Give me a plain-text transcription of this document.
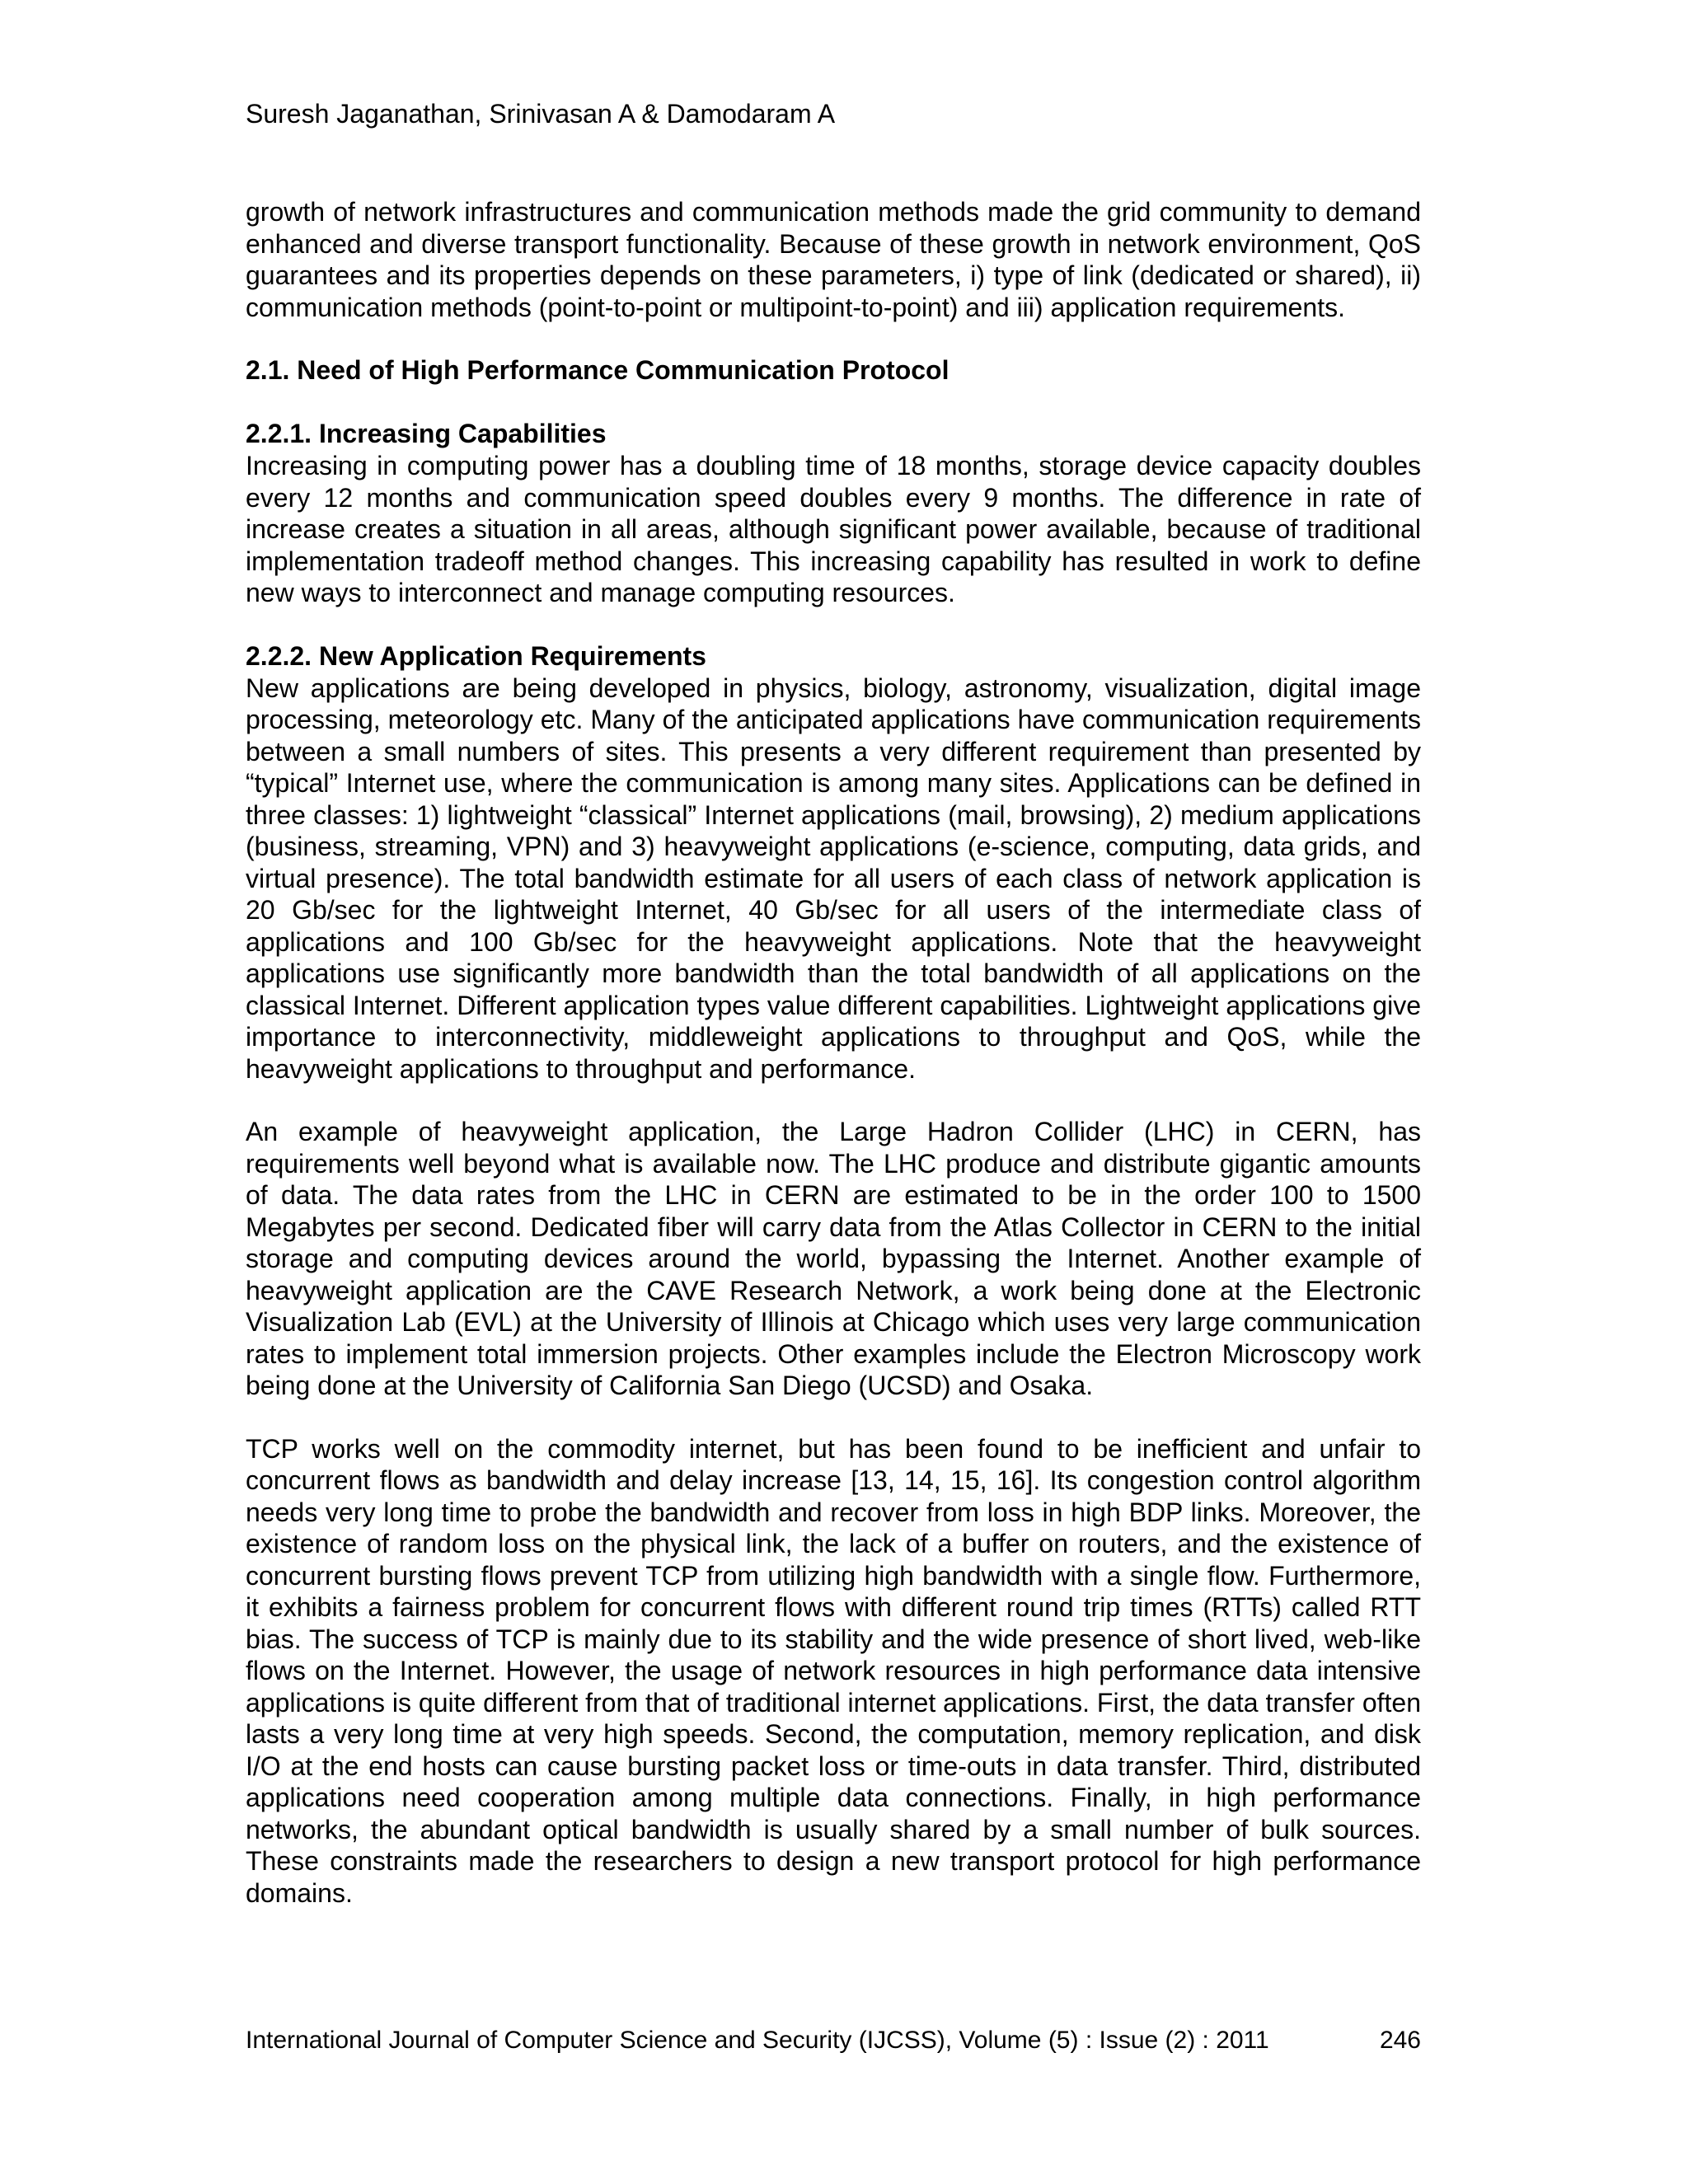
Suresh Jaganathan, Srinivasan A & Damodaram A

growth of network infrastructures and communication methods made the grid community to demand enhanced and diverse transport functionality. Because of these growth in network environment, QoS guarantees and its properties depends on these parameters, i) type of link (dedicated or shared), ii) communication methods (point-to-point or multipoint-to-point) and iii) application requirements.

2.1. Need of High Performance Communication Protocol
2.2.1. Increasing Capabilities

Increasing in computing power has a doubling time of 18 months, storage device capacity doubles every 12 months and communication speed doubles every 9 months. The difference in rate of increase creates a situation in all areas, although significant power available, because of traditional implementation tradeoff method changes. This increasing capability has resulted in work to define new ways to interconnect and manage computing resources.

2.2.2. New Application Requirements

New applications are being developed in physics, biology, astronomy, visualization, digital image processing, meteorology etc. Many of the anticipated applications have communication requirements between a small numbers of sites. This presents a very different requirement than presented by “typical” Internet use, where the communication is among many sites. Applications can be defined in three classes: 1) lightweight “classical” Internet applications (mail, browsing), 2) medium applications (business, streaming, VPN) and 3) heavyweight applications (e-science, computing, data grids, and virtual presence). The total bandwidth estimate for all users of each class of network application is 20 Gb/sec for the lightweight Internet, 40 Gb/sec for all users of the intermediate class of applications and 100 Gb/sec for the heavyweight applications. Note that the heavyweight applications use significantly more bandwidth than the total bandwidth of all applications on the classical Internet. Different application types value different capabilities. Lightweight applications give importance to interconnectivity, middleweight applications to throughput and QoS, while the heavyweight applications to throughput and performance.

An example of heavyweight application, the Large Hadron Collider (LHC) in CERN, has requirements well beyond what is available now. The LHC produce and distribute gigantic amounts of data. The data rates from the LHC in CERN are estimated to be in the order 100 to 1500 Megabytes per second. Dedicated fiber will carry data from the Atlas Collector in CERN to the initial storage and computing devices around the world, bypassing the Internet. Another example of heavyweight application are the CAVE Research Network, a work being done at the Electronic Visualization Lab (EVL) at the University of Illinois at Chicago which uses very large communication rates to implement total immersion projects. Other examples include the Electron Microscopy work being done at the University of California San Diego (UCSD) and Osaka.

TCP works well on the commodity internet, but has been found to be inefficient and unfair to concurrent flows as bandwidth and delay increase [13, 14, 15, 16]. Its congestion control algorithm needs very long time to probe the bandwidth and recover from loss in high BDP links. Moreover, the existence of random loss on the physical link, the lack of a buffer on routers, and the existence of concurrent bursting flows prevent TCP from utilizing high bandwidth with a single flow. Furthermore, it exhibits a fairness problem for concurrent flows with different round trip times (RTTs) called RTT bias. The success of TCP is mainly due to its stability and the wide presence of short lived, web-like flows on the Internet. However, the usage of network resources in high performance data intensive applications is quite different from that of traditional internet applications. First, the data transfer often lasts a very long time at very high speeds. Second, the computation, memory replication, and disk I/O at the end hosts can cause bursting packet loss or time-outs in data transfer. Third, distributed applications need cooperation among multiple data connections. Finally, in high performance networks, the abundant optical bandwidth is usually shared by a small number of bulk sources. These constraints made the researchers to design a new transport protocol for high performance domains.

International Journal of Computer Science and Security (IJCSS), Volume (5) : Issue (2) : 2011	246
